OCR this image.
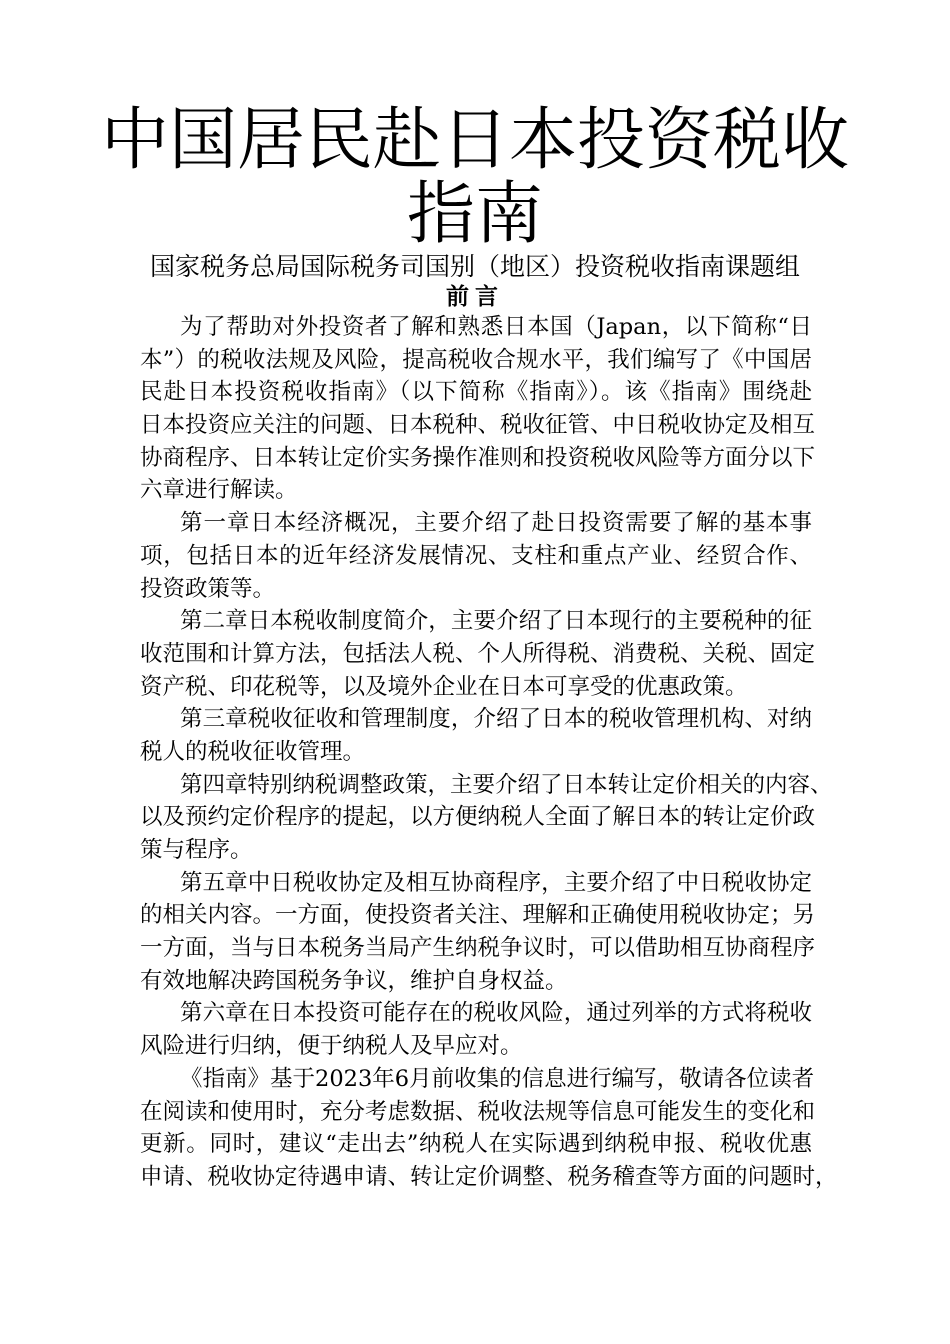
中国居民赴日本投资税收
指南
国家税务总局国际税务司国别（地区）投资税收指南课题组
前言
为了帮助对外投资者了解和熟悉日本国（Japan，以下简称“日
本”）的税收法规及风险，提高税收合规水平，我们编写了《中国居
民赴日本投资税收指南》（以下简称《指南》）。该《指南》围绕赴
日本投资应关注的问题、日本税种、税收征管、中日税收协定及相互
协商程序、日本转让定价实务操作准则和投资税收风险等方面分以下
六章进行解读。
第一章日本经济概况，主要介绍了赴日投资需要了解的基本事
项，包括日本的近年经济发展情况、支柱和重点产业、经贸合作、
投资政策等。
第二章日本税收制度简介，主要介绍了日本现行的主要税种的征
收范围和计算方法，包括法人税、个人所得税、消费税、关税、固定
资产税、印花税等，以及境外企业在日本可享受的优惠政策。
第三章税收征收和管理制度，介绍了日本的税收管理机构、对纳
税人的税收征收管理。
第四章特别纳税调整政策，主要介绍了日本转让定价相关的内容、
以及预约定价程序的提起，以方便纳税人全面了解日本的转让定价政
策与程序。
第五章中日税收协定及相互协商程序，主要介绍了中日税收协定
的相关内容。一方面，使投资者关注、理解和正确使用税收协定；另
一方面，当与日本税务当局产生纳税争议时，可以借助相互协商程序
有效地解决跨国税务争议，维护自身权益。
第六章在日本投资可能存在的税收风险，通过列举的方式将税收
风险进行归纳，便于纳税人及早应对。
《指南》基于2023年6月前收集的信息进行编写，敬请各位读者
在阅读和使用时，充分考虑数据、税收法规等信息可能发生的变化和
更新。同时，建议“走出去”纳税人在实际遇到纳税申报、税收优惠
申请、税收协定待遇申请、转让定价调整、税务稽查等方面的问题时，
